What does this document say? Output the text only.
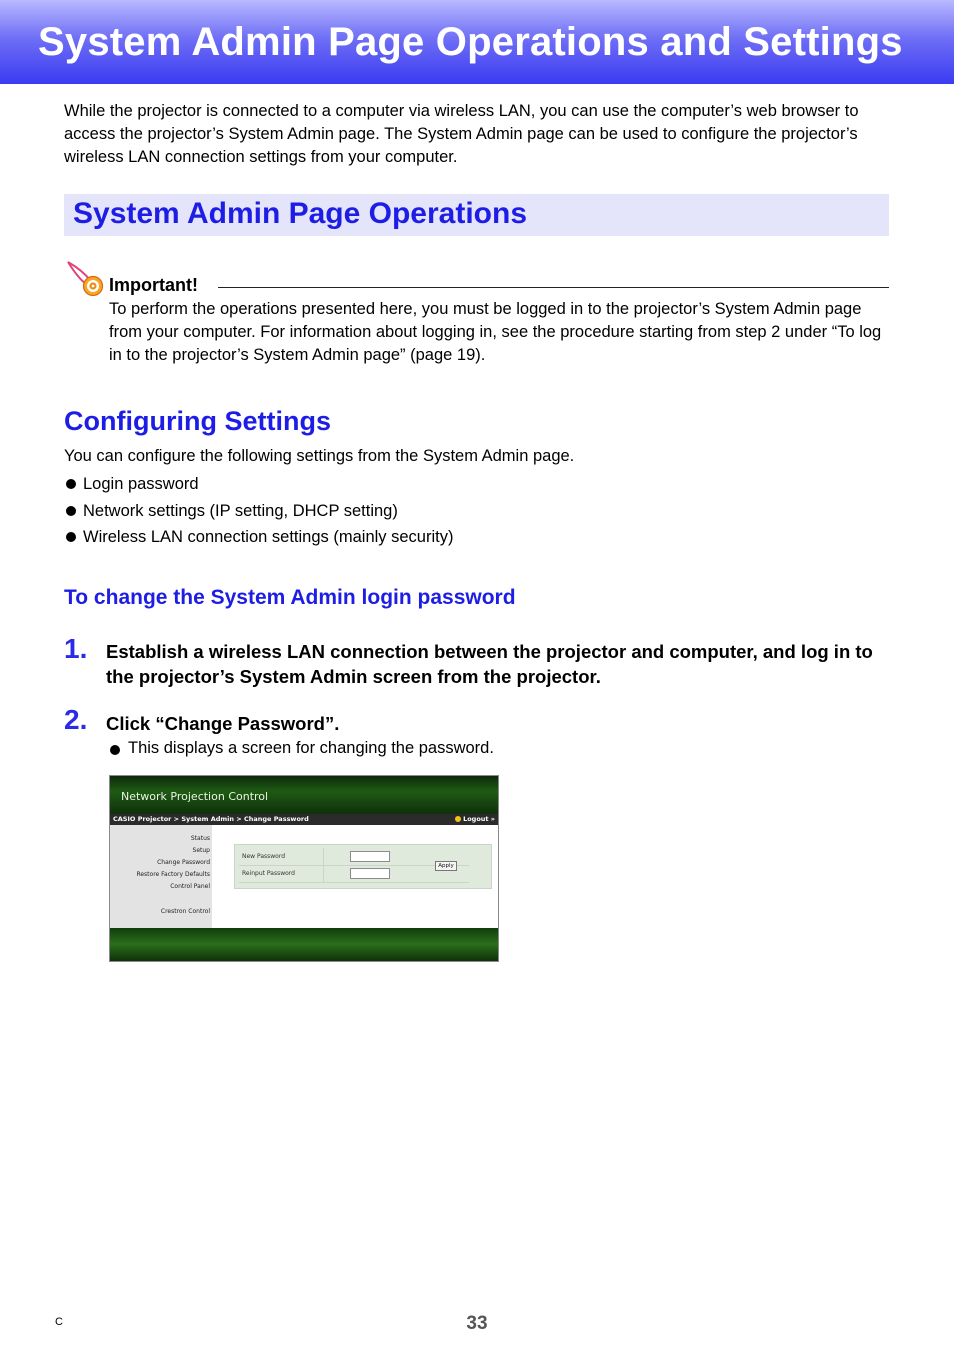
System Admin Page Operations and Settings

While the projector is connected to a computer via wireless LAN, you can use the computer’s web browser to access the projector’s System Admin page. The System Admin page can be used to configure the projector’s wireless LAN connection settings from your computer.

System Admin Page Operations
Important!

To perform the operations presented here, you must be logged in to the projector’s System Admin page from your computer. For information about logging in, see the procedure starting from step 2 under “To log in to the projector’s System Admin page” (page 19).

Configuring Settings

You can configure the following settings from the System Admin page.

Login password
Network settings (IP setting, DHCP setting)
Wireless LAN connection settings (mainly security)
To change the System Admin login password
1. Establish a wireless LAN connection between the projector and computer, and log in to the projector’s System Admin screen from the projector.
2. Click “Change Password”.
This displays a screen for changing the password.
Network Projection Control
CASIO Projector > System Admin > Change Password	Logout »
Status
Setup
Change Password
Restore Factory Defaults
Control Panel
Crestron Control
New Password
Reinput Password
Apply
C	33
